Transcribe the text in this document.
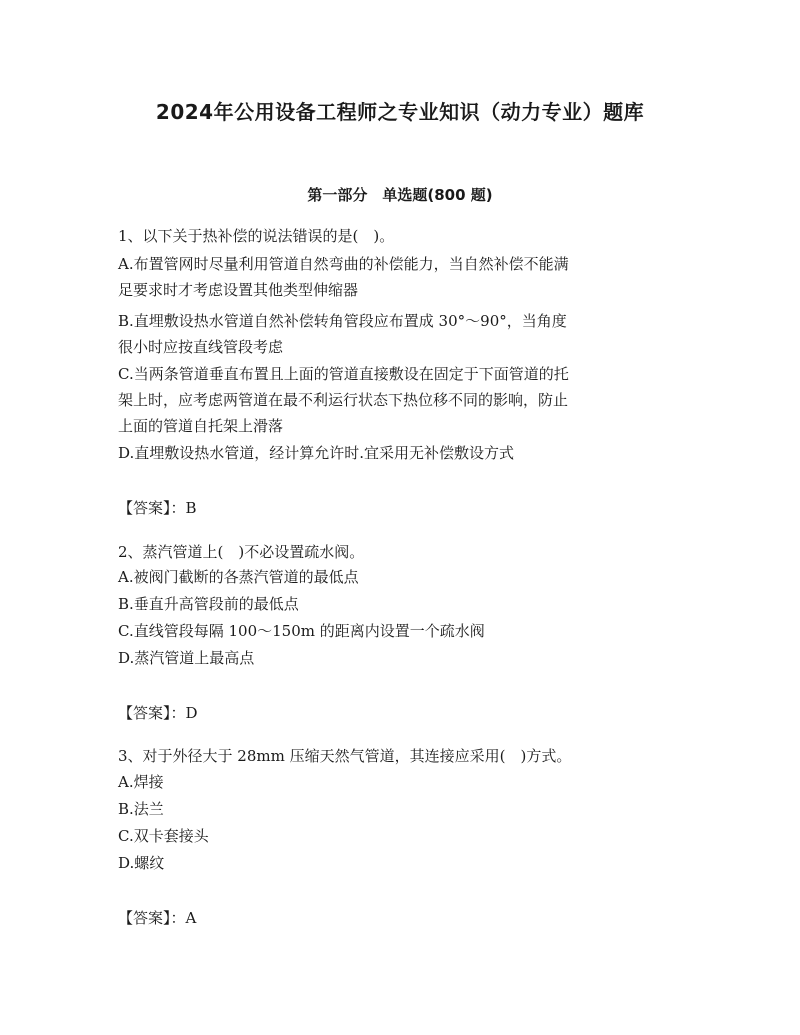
2024年公用设备工程师之专业知识（动力专业）题库
第一部分　单选题(800 题)
1、以下关于热补偿的说法错误的是(　)。
A.布置管网时尽量利用管道自然弯曲的补偿能力，当自然补偿不能满
足要求时才考虑设置其他类型伸缩器
B.直埋敷设热水管道自然补偿转角管段应布置成 30°～90°，当角度
很小时应按直线管段考虑
C.当两条管道垂直布置且上面的管道直接敷设在固定于下面管道的托
架上时，应考虑两管道在最不利运行状态下热位移不同的影响，防止
上面的管道自托架上滑落
D.直埋敷设热水管道，经计算允许时.宜采用无补偿敷设方式
【答案】：B
2、蒸汽管道上(　)不必设置疏水阀。
A.被阀门截断的各蒸汽管道的最低点
B.垂直升高管段前的最低点
C.直线管段每隔 100～150m 的距离内设置一个疏水阀
D.蒸汽管道上最高点
【答案】：D
3、对于外径大于 28mm 压缩天然气管道，其连接应采用(　)方式。
A.焊接
B.法兰
C.双卡套接头
D.螺纹
【答案】：A
